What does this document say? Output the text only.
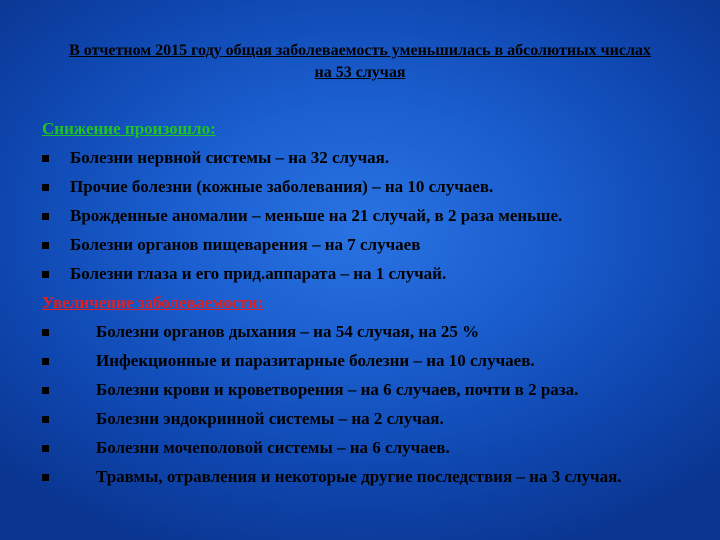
В отчетном 2015 году общая заболеваемость уменьшилась в абсолютных числах на 53 случая
Снижение произошло:
Болезни нервной системы – на 32 случая.
Прочие болезни (кожные заболевания) – на 10 случаев.
Врожденные аномалии – меньше на 21 случай, в 2 раза меньше.
Болезни органов пищеварения – на 7 случаев
Болезни глаза и его прид.аппарата – на 1 случай.
Увеличение заболеваемости:
Болезни органов дыхания – на 54 случая, на 25 %
Инфекционные и паразитарные болезни – на 10 случаев.
Болезни крови и кроветворения – на 6 случаев, почти в 2 раза.
Болезни эндокринной системы – на 2 случая.
Болезни мочеполовой системы – на 6 случаев.
Травмы, отравления и некоторые другие последствия – на 3 случая.
